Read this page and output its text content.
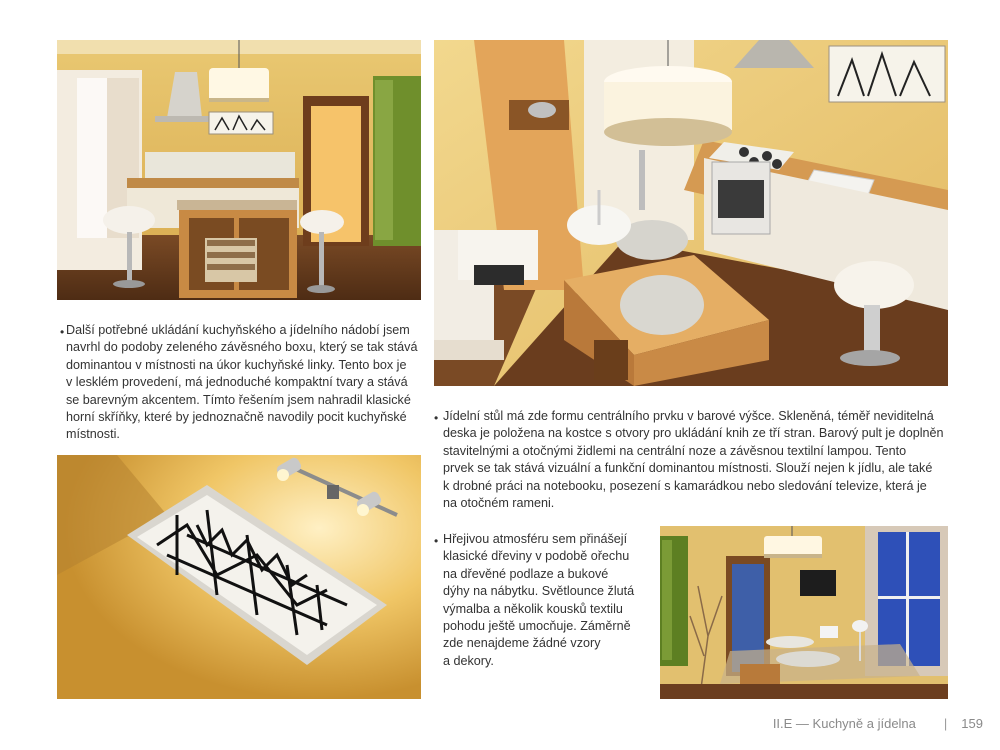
• Další potřebné ukládání kuchyňského a jídelního nádobí jsem
navrhl do podoby zeleného závěsného boxu, který se tak stává
dominantou v místnosti na úkor kuchyňské linky. Tento box je
v lesklém provedení, má jednoduché kompaktní tvary a stává
se barevným akcentem. Tímto řešením jsem nahradil klasické
horní skříňky, které by jednoznačně navodily pocit kuchyňské
místnosti.
• Jídelní stůl má zde formu centrálního prvku v barové výšce. Skleněná, téměř neviditelná
deska je položena na kostce s otvory pro ukládání knih ze tří stran. Barový pult je doplněn
stavitelnými a otočnými židlemi na centrální noze a závěsnou textilní lampou. Tento
prvek se tak stává vizuální a funkční dominantou místnosti. Slouží nejen k jídlu, ale také
k drobné práci na notebooku, posezení s kamarádkou nebo sledování televize, která je
na otočném rameni.
• Hřejivou atmosféru sem přinášejí
klasické dřeviny v podobě ořechu
na dřevěné podlaze a bukové
dýhy na nábytku. Světlounce žlutá
výmalba a několik kousků textilu
pohodu ještě umocňuje. Záměrně
zde nenajdeme žádné vzory
a dekory.
II.E — Kuchyně a jídelna | 159
